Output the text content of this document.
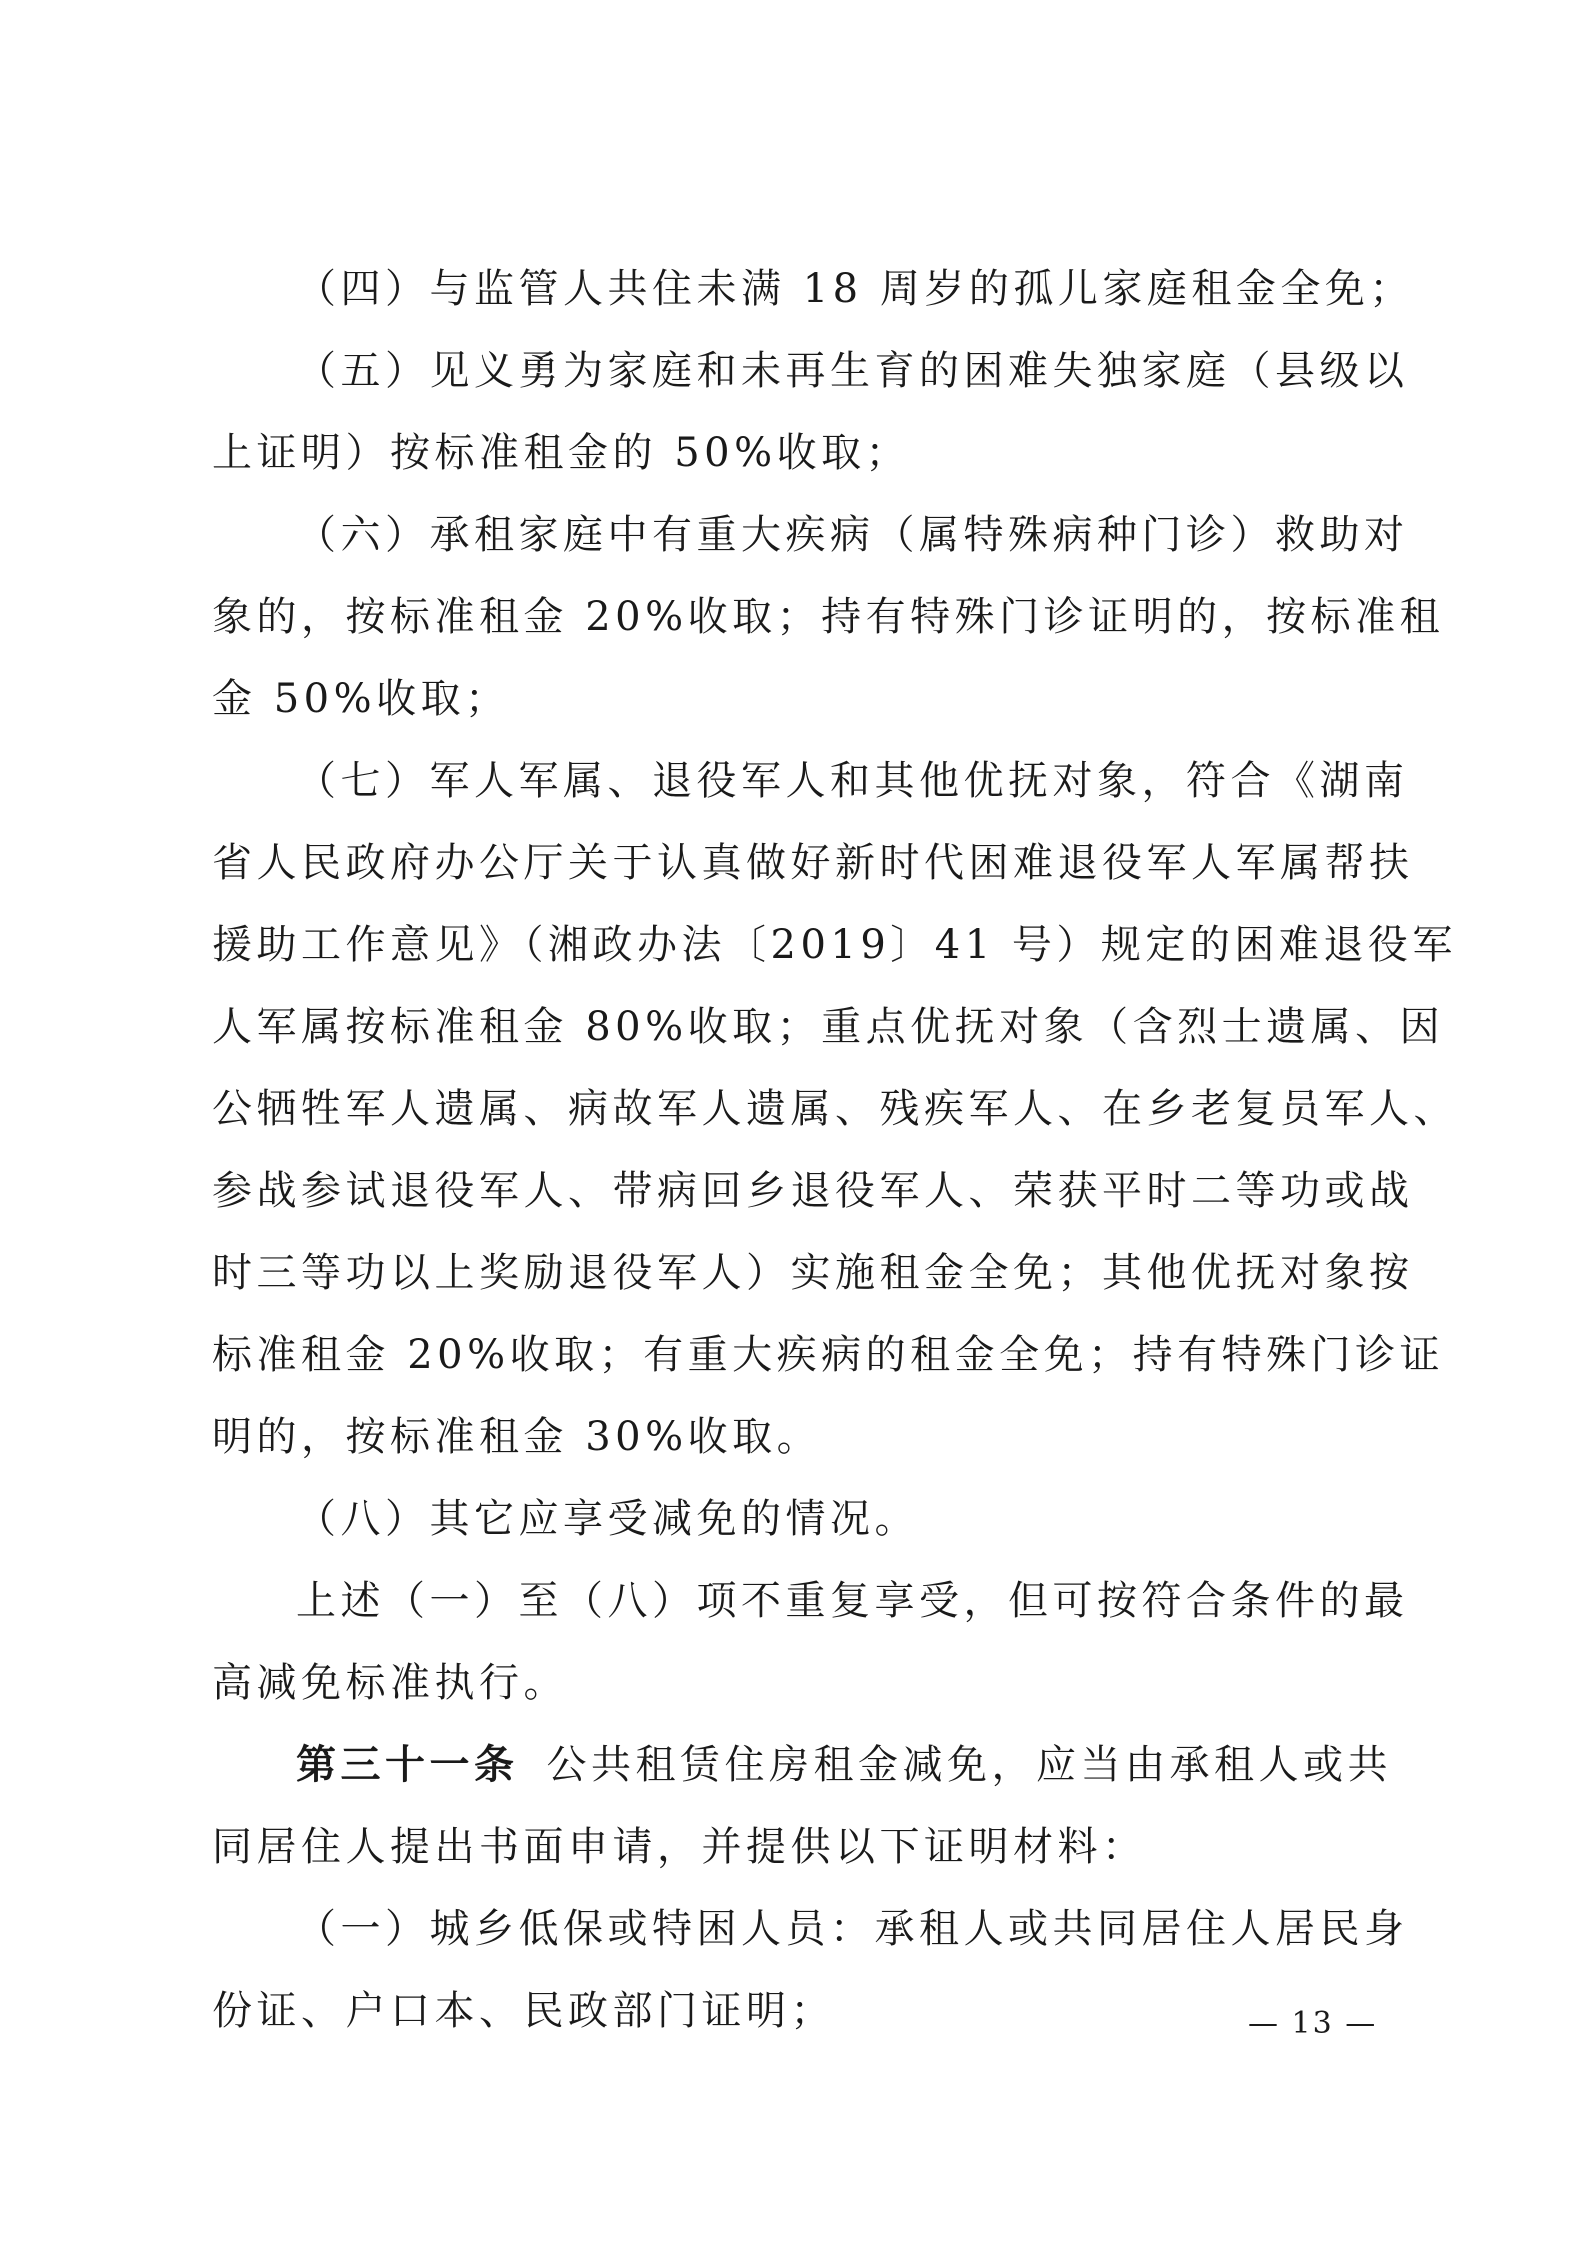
（四）与监管人共住未满 18 周岁的孤儿家庭租金全免；
（五）见义勇为家庭和未再生育的困难失独家庭（县级以
上证明）按标准租金的 50%收取；
（六）承租家庭中有重大疾病（属特殊病种门诊）救助对
象的，按标准租金 20%收取；持有特殊门诊证明的，按标准租
金 50%收取；
（七）军人军属、退役军人和其他优抚对象，符合《湖南
省人民政府办公厅关于认真做好新时代困难退役军人军属帮扶
援助工作意见》（湘政办法〔2019〕41 号）规定的困难退役军
人军属按标准租金 80%收取；重点优抚对象（含烈士遗属、因
公牺牲军人遗属、病故军人遗属、残疾军人、在乡老复员军人、
参战参试退役军人、带病回乡退役军人、荣获平时二等功或战
时三等功以上奖励退役军人）实施租金全免；其他优抚对象按
标准租金 20%收取；有重大疾病的租金全免；持有特殊门诊证
明的，按标准租金 30%收取。
（八）其它应享受减免的情况。
上述（一）至（八）项不重复享受，但可按符合条件的最
高减免标准执行。
第三十一条 公共租赁住房租金减免，应当由承租人或共
同居住人提出书面申请，并提供以下证明材料：
（一）城乡低保或特困人员：承租人或共同居住人居民身
份证、户口本、民政部门证明；	— 13 —
